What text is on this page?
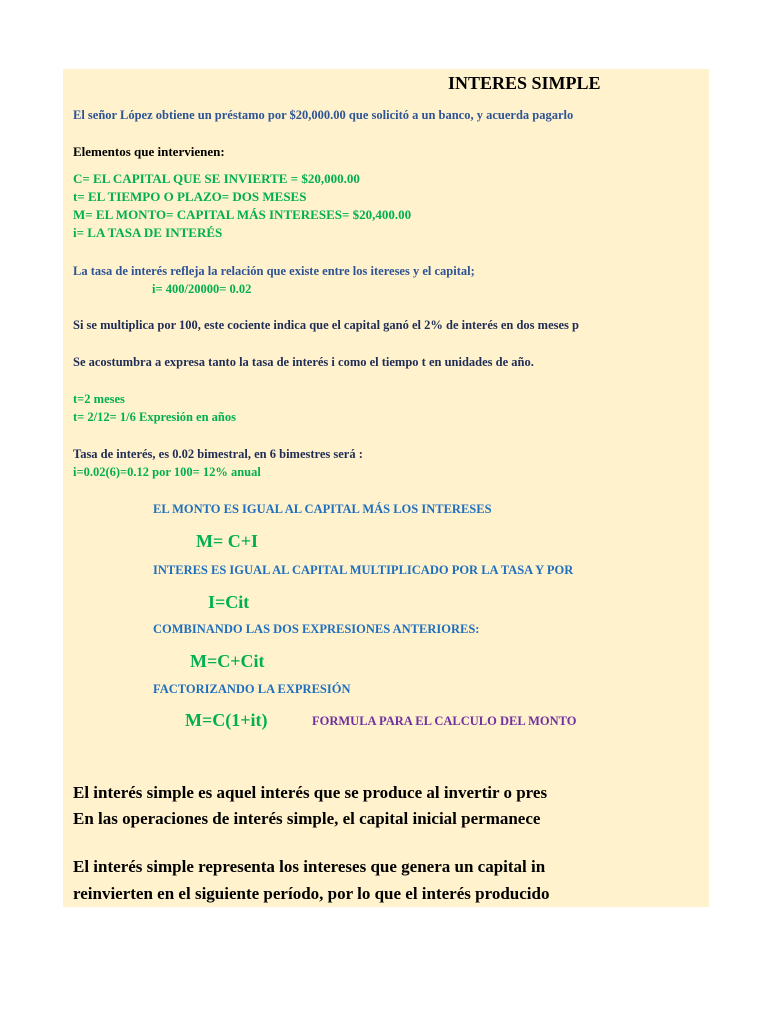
INTERES SIMPLE
El señor López obtiene un préstamo por $20,000.00 que solicitó a un banco, y acuerda pagarlo
Elementos que intervienen:
C= EL CAPITAL QUE SE INVIERTE = $20,000.00
t= EL TIEMPO O PLAZO= DOS MESES
M= EL MONTO= CAPITAL MÁS INTERESES= $20,400.00
i= LA TASA DE INTERÉS
La tasa de interés refleja la relación que existe entre los itereses y el capital;
i= 400/20000= 0.02
Si se multiplica por 100, este cociente indica que el capital ganó el 2% de interés en dos meses p
Se acostumbra a expresa tanto la tasa de interés i como el tiempo t en unidades de año.
t=2 meses
t= 2/12= 1/6 Expresión en años
Tasa de interés, es 0.02 bimestral, en 6 bimestres será :
i=0.02(6)=0.12 por 100= 12% anual
EL MONTO ES IGUAL AL CAPITAL MÁS LOS INTERESES
M= C+I
INTERES ES IGUAL AL CAPITAL MULTIPLICADO POR LA TASA Y POR
I=Cit
COMBINANDO LAS DOS EXPRESIONES ANTERIORES:
M=C+Cit
FACTORIZANDO LA EXPRESIÓN
M=C(1+it)	FORMULA PARA EL CALCULO DEL MONTO
El interés simple es aquel interés que se produce al invertir o pres
En las operaciones de interés simple, el capital inicial permanece
El interés simple representa los intereses que genera un capital in
reinvierten en el siguiente período, por lo que el interés producido
